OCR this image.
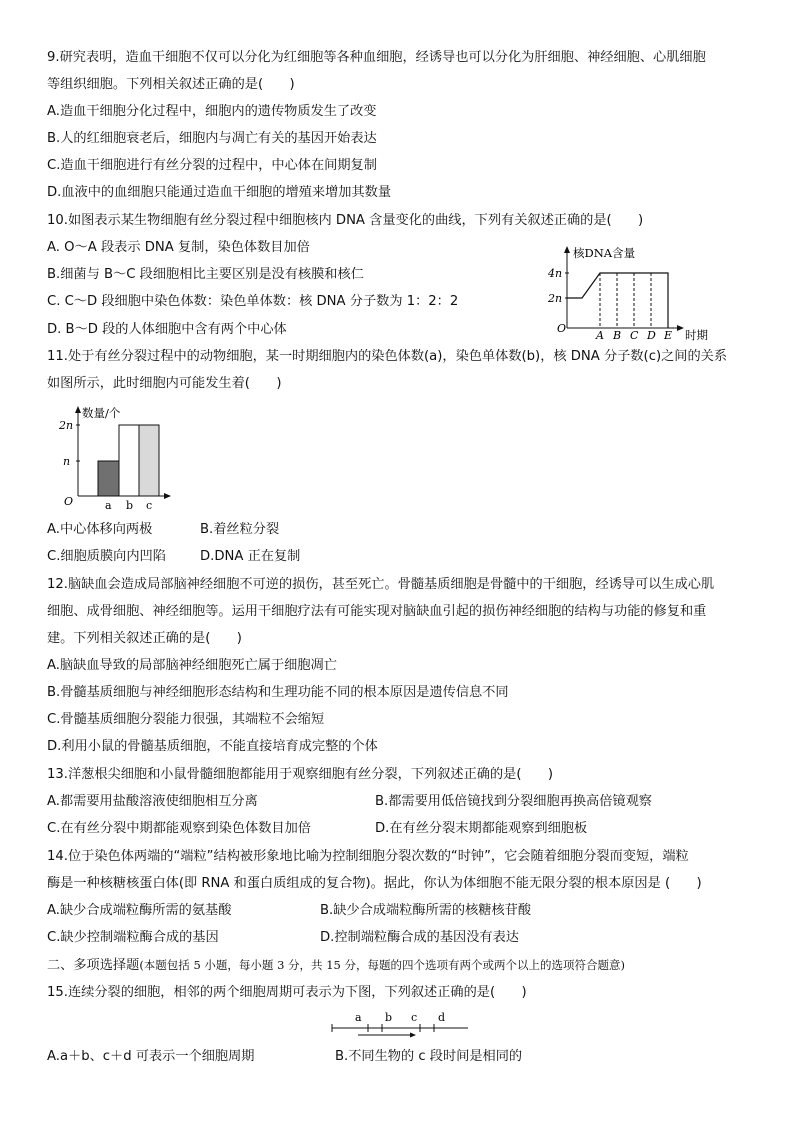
9.研究表明，造血干细胞不仅可以分化为红细胞等各种血细胞，经诱导也可以分化为肝细胞、神经细胞、心肌细胞
等组织细胞。下列相关叙述正确的是(　　)
A.造血干细胞分化过程中，细胞内的遗传物质发生了改变
B.人的红细胞衰老后，细胞内与凋亡有关的基因开始表达
C.造血干细胞进行有丝分裂的过程中，中心体在间期复制
D.血液中的血细胞只能通过造血干细胞的增殖来增加其数量
10.如图表示某生物细胞有丝分裂过程中细胞核内 DNA 含量变化的曲线，下列有关叙述正确的是(　　)
A. O～A 段表示 DNA 复制，染色体数目加倍
B.细菌与 B～C 段细胞相比主要区别是没有核膜和核仁
C. C～D 段细胞中染色体数：染色单体数：核 DNA 分子数为 1：2：2
D. B～D 段的人体细胞中含有两个中心体
核DNA含量
时期
4n
2n
O
A B C D E
11.处于有丝分裂过程中的动物细胞，某一时期细胞内的染色体数(a)，染色单体数(b)，核 DNA 分子数(c)之间的关系
如图所示，此时细胞内可能发生着(　　)
数量/个
2n
n
O	a b c
A.中心体移向两极	B.着丝粒分裂
C.细胞质膜向内凹陷	D.DNA 正在复制
12.脑缺血会造成局部脑神经细胞不可逆的损伤，甚至死亡。骨髓基质细胞是骨髓中的干细胞，经诱导可以生成心肌
细胞、成骨细胞、神经细胞等。运用干细胞疗法有可能实现对脑缺血引起的损伤神经细胞的结构与功能的修复和重
建。下列相关叙述正确的是(　　)
A.脑缺血导致的局部脑神经细胞死亡属于细胞凋亡
B.骨髓基质细胞与神经细胞形态结构和生理功能不同的根本原因是遗传信息不同
C.骨髓基质细胞分裂能力很强，其端粒不会缩短
D.利用小鼠的骨髓基质细胞，不能直接培育成完整的个体
13.洋葱根尖细胞和小鼠骨髓细胞都能用于观察细胞有丝分裂，下列叙述正确的是(　　)
A.都需要用盐酸溶液使细胞相互分离	B.都需要用低倍镜找到分裂细胞再换高倍镜观察
C.在有丝分裂中期都能观察到染色体数目加倍	D.在有丝分裂末期都能观察到细胞板
14.位于染色体两端的“端粒”结构被形象地比喻为控制细胞分裂次数的“时钟”，它会随着细胞分裂而变短，端粒
酶是一种核糖核蛋白体(即 RNA 和蛋白质组成的复合物)。据此，你认为体细胞不能无限分裂的根本原因是 (　　)
A.缺少合成端粒酶所需的氨基酸	B.缺少合成端粒酶所需的核糖核苷酸
C.缺少控制端粒酶合成的基因	D.控制端粒酶合成的基因没有表达
二、多项选择题(本题包括 5 小题，每小题 3 分，共 15 分，每题的四个选项有两个或两个以上的选项符合题意)
15.连续分裂的细胞，相邻的两个细胞周期可表示为下图，下列叙述正确的是(　　)
a b c d
A.a＋b、c＋d 可表示一个细胞周期	B.不同生物的 c 段时间是相同的
